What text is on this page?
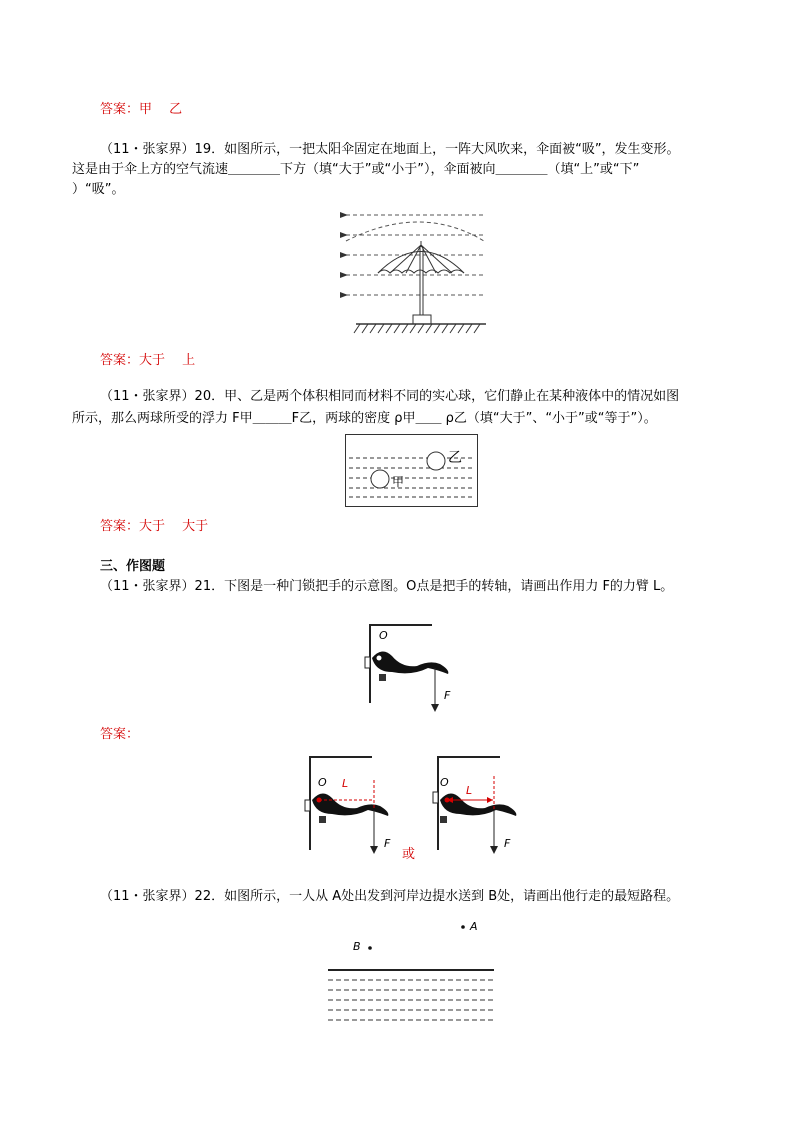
答案：甲　 乙
（11・张家界）19．如图所示，一把太阳伞固定在地面上，一阵大风吹来，伞面被“吸”，发生变形。
这是由于伞上方的空气流速＿＿＿＿下方（填“大于”或“小于”），伞面被向＿＿＿＿（填“上”或“下”
）“吸”。
答案：大于　 上
（11・张家界）20．甲、乙是两个体积相同而材料不同的实心球，它们静止在某种液体中的情况如图
所示，那么两球所受的浮力 F甲＿＿＿F乙，两球的密度 ρ甲＿＿ ρ乙（填“大于”、“小于”或“等于”）。
甲
乙
答案：大于　 大于
三、作图题
（11・张家界）21．下图是一种门锁把手的示意图。O点是把手的转轴，请画出作用力 F的力臂 L。
O
F
答案：
O L
F
或
O
L
F
（11・张家界）22．如图所示，一人从 A处出发到河岸边提水送到 B处，请画出他行走的最短路程。
A
B
